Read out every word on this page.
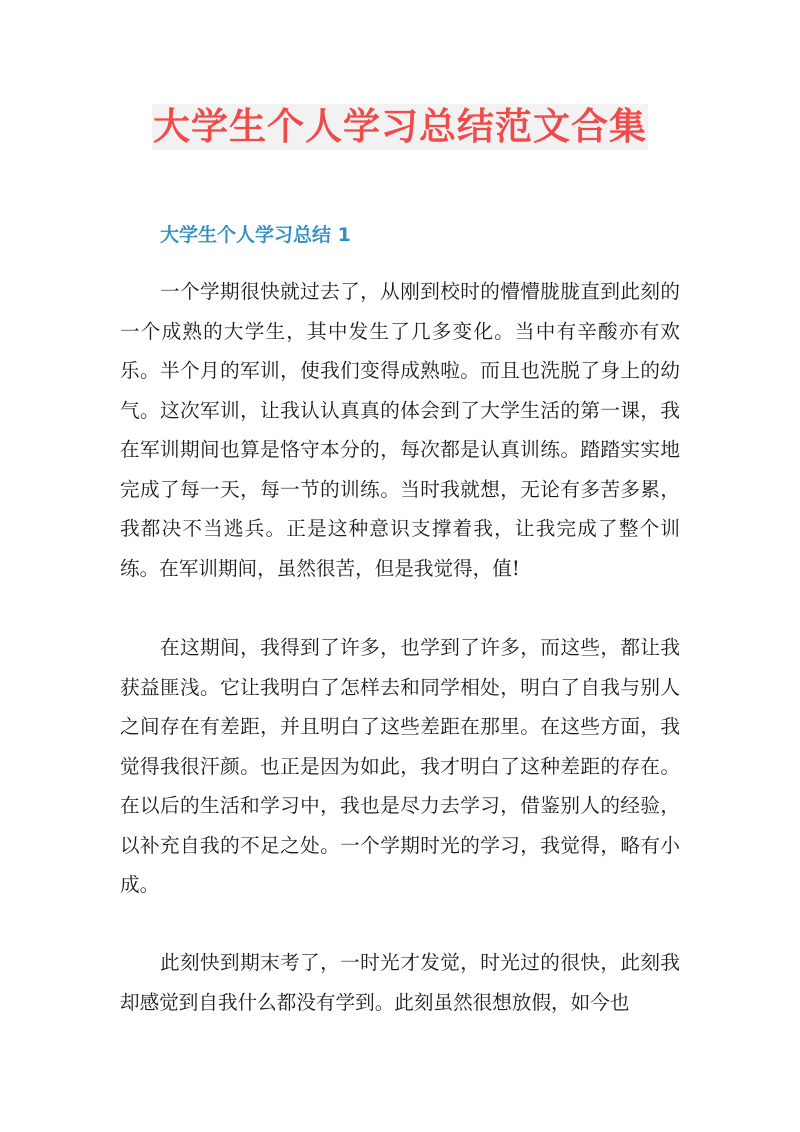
大学生个人学习总结范文合集
大学生个人学习总结 1

一个学期很快就过去了，从刚到校时的懵懵胧胧直到此刻的一个成熟的大学生，其中发生了几多变化。当中有辛酸亦有欢乐。半个月的军训，使我们变得成熟啦。而且也洗脱了身上的幼气。这次军训，让我认认真真的体会到了大学生活的第一课，我在军训期间也算是恪守本分的，每次都是认真训练。踏踏实实地完成了每一天，每一节的训练。当时我就想，无论有多苦多累，我都决不当逃兵。正是这种意识支撑着我，让我完成了整个训练。在军训期间，虽然很苦，但是我觉得，值!

在这期间，我得到了许多，也学到了许多，而这些，都让我获益匪浅。它让我明白了怎样去和同学相处，明白了自我与别人之间存在有差距，并且明白了这些差距在那里。在这些方面，我觉得我很汗颜。也正是因为如此，我才明白了这种差距的存在。在以后的生活和学习中，我也是尽力去学习，借鉴别人的经验，以补充自我的不足之处。一个学期时光的学习，我觉得，略有小成。

此刻快到期末考了，一时光才发觉，时光过的很快，此刻我却感觉到自我什么都没有学到。此刻虽然很想放假，如今也
